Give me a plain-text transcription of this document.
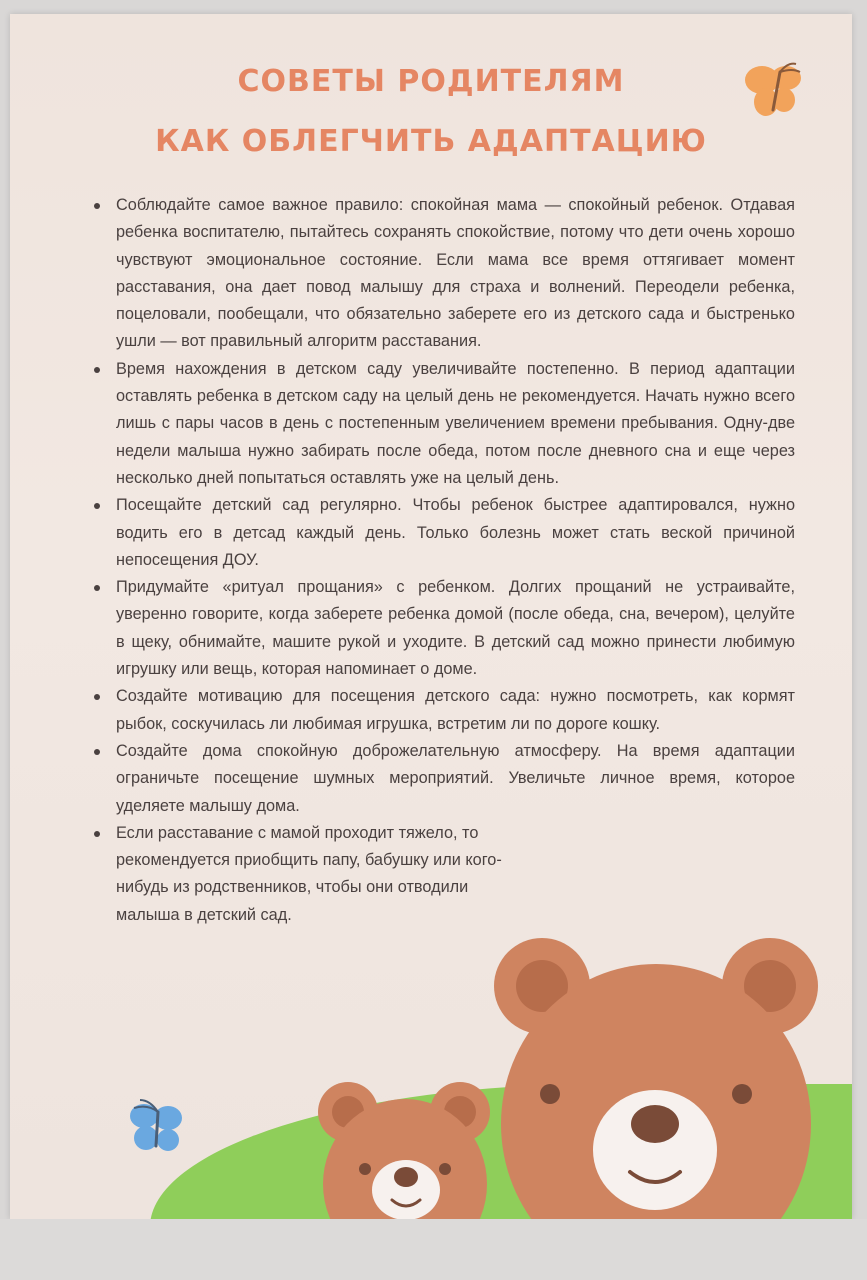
СОВЕТЫ РОДИТЕЛЯМ
КАК ОБЛЕГЧИТЬ АДАПТАЦИЮ
Соблюдайте самое важное правило: спокойная мама — спокойный ребенок. Отдавая ребенка воспитателю, пытайтесь сохранять спокойствие, потому что дети очень хорошо чувствуют эмоциональное состояние. Если мама все время оттягивает момент расставания, она дает повод малышу для страха и волнений. Переодели ребенка, поцеловали, пообещали, что обязательно заберете его из детского сада и быстренько ушли — вот правильный алгоритм расставания.
Время нахождения в детском саду увеличивайте постепенно. В период адаптации оставлять ребенка в детском саду на целый день не рекомендуется. Начать нужно всего лишь с пары часов в день с постепенным увеличением времени пребывания. Одну-две недели малыша нужно забирать после обеда, потом после дневного сна и еще через несколько дней попытаться оставлять уже на целый день.
Посещайте детский сад регулярно. Чтобы ребенок быстрее адаптировался, нужно водить его в детсад каждый день. Только болезнь может стать веской причиной непосещения ДОУ.
Придумайте «ритуал прощания» с ребенком. Долгих прощаний не устраивайте, уверенно говорите, когда заберете ребенка домой (после обеда, сна, вечером), целуйте в щеку, обнимайте, машите рукой и уходите. В детский сад можно принести любимую игрушку или вещь, которая напоминает о доме.
Создайте мотивацию для посещения детского сада: нужно посмотреть, как кормят рыбок, соскучилась ли любимая игрушка, встретим ли по дороге кошку.
Создайте дома спокойную доброжелательную атмосферу. На время адаптации ограничьте посещение шумных мероприятий. Увеличьте личное время, которое уделяете малышу дома.
Если расставание с мамой проходит тяжело, то рекомендуется приобщить папу, бабушку или кого-нибудь из родственников, чтобы они отводили малыша в детский сад.
